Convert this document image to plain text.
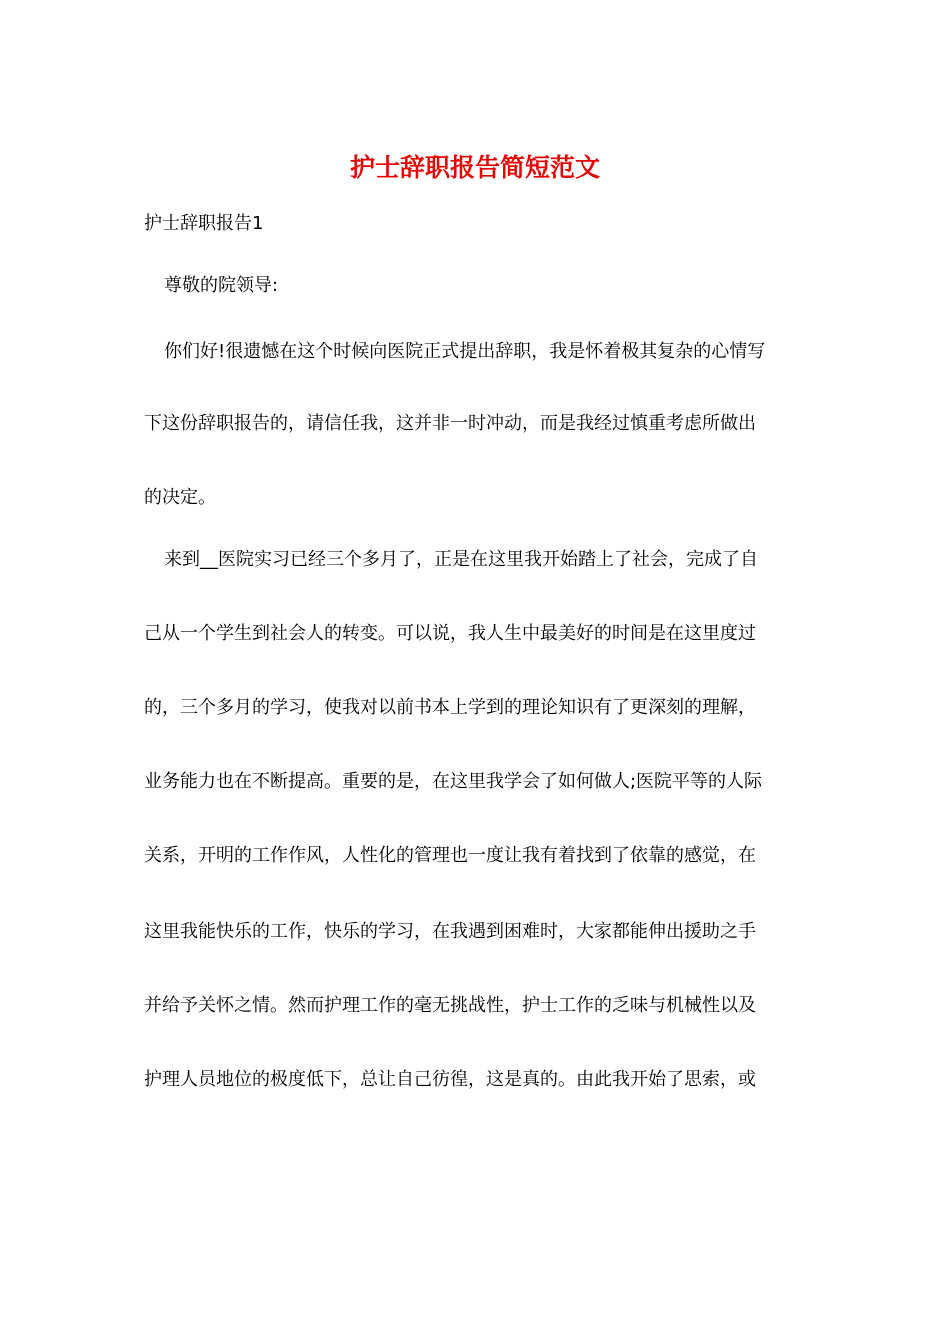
护士辞职报告简短范文

护士辞职报告1

尊敬的院领导:

你们好!很遗憾在这个时候向医院正式提出辞职，我是怀着极其复杂的心情写

下这份辞职报告的，请信任我，这并非一时冲动，而是我经过慎重考虑所做出

的决定。

来到__医院实习已经三个多月了，正是在这里我开始踏上了社会，完成了自

己从一个学生到社会人的转变。可以说，我人生中最美好的时间是在这里度过

的，三个多月的学习，使我对以前书本上学到的理论知识有了更深刻的理解，

业务能力也在不断提高。重要的是，在这里我学会了如何做人;医院平等的人际

关系，开明的工作作风，人性化的管理也一度让我有着找到了依靠的感觉，在

这里我能快乐的工作，快乐的学习，在我遇到困难时，大家都能伸出援助之手

并给予关怀之情。然而护理工作的毫无挑战性，护士工作的乏味与机械性以及

护理人员地位的极度低下，总让自己彷徨，这是真的。由此我开始了思索，或
